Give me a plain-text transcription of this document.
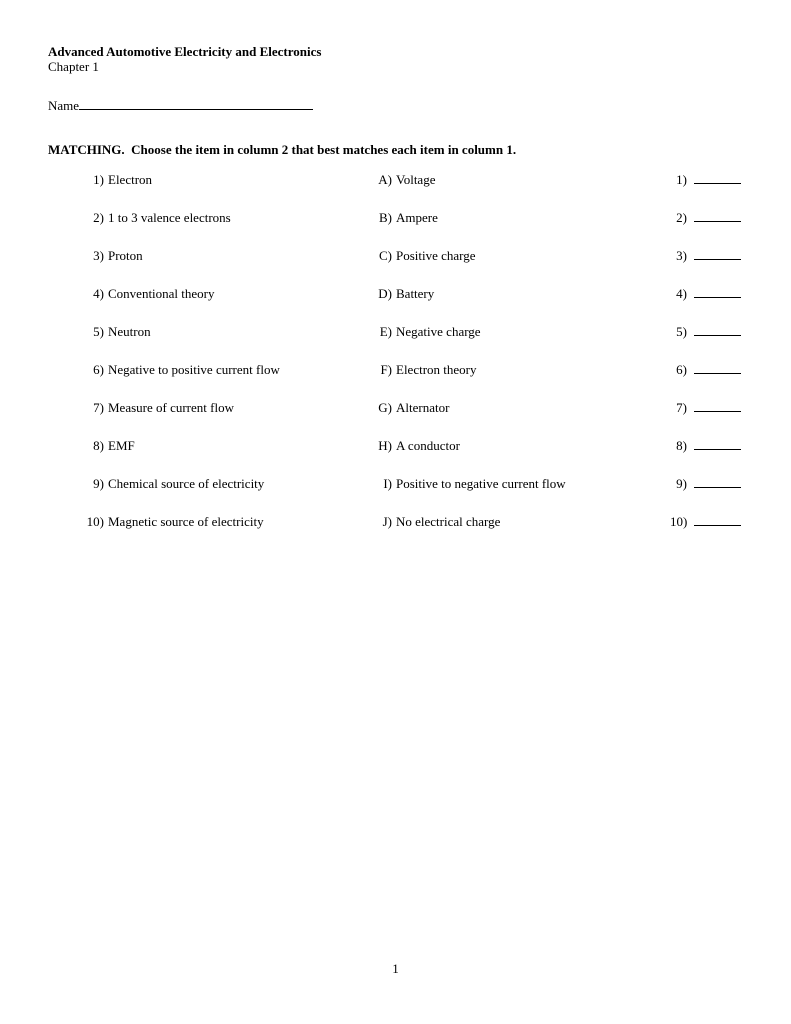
Advanced Automotive Electricity and Electronics
Chapter 1
Name
MATCHING.  Choose the item in column 2 that best matches each item in column 1.
1) Electron	A) Voltage	1)
2) 1 to 3 valence electrons	B) Ampere	2)
3) Proton	C) Positive charge	3)
4) Conventional theory	D) Battery	4)
5) Neutron	E) Negative charge	5)
6) Negative to positive current flow	F) Electron theory	6)
7) Measure of current flow	G) Alternator	7)
8) EMF	H) A conductor	8)
9) Chemical source of electricity	I) Positive to negative current flow	9)
10) Magnetic source of electricity	J) No electrical charge	10)
1
